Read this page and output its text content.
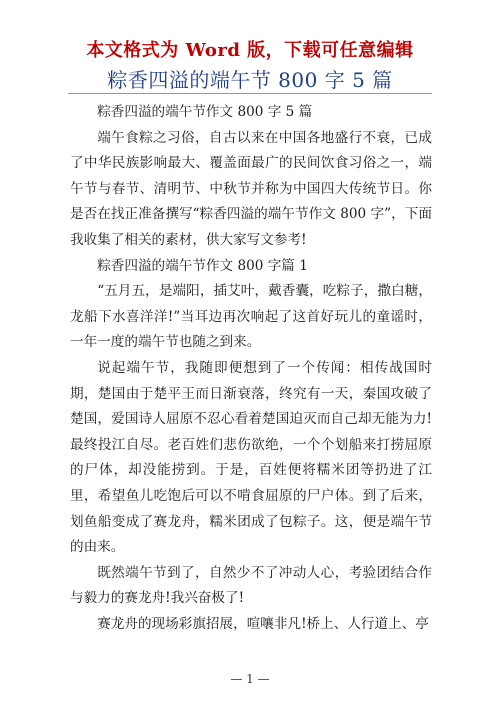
本文格式为 Word 版，下载可任意编辑
粽香四溢的端午节 800 字 5 篇

粽香四溢的端午节作文 800 字 5 篇

端午食粽之习俗，自古以来在中国各地盛行不衰，已成了中华民族影响最大、覆盖面最广的民间饮食习俗之一，端午节与春节、清明节、中秋节并称为中国四大传统节日。你是否在找正准备撰写“粽香四溢的端午节作文 800 字”，下面我收集了相关的素材，供大家写文参考!

粽香四溢的端午节作文 800 字篇 1

“五月五，是端阳，插艾叶，戴香囊，吃粽子，撒白糖，龙船下水喜洋洋!”当耳边再次响起了这首好玩儿的童谣时，一年一度的端午节也随之到来。

说起端午节，我随即便想到了一个传闻：相传战国时期，楚国由于楚平王而日渐衰落，终究有一天，秦国攻破了楚国，爱国诗人屈原不忍心看着楚国迫灭而自己却无能为力!最终投江自尽。老百姓们悲伤欲绝，一个个划船来打捞屈原的尸体，却没能捞到。于是，百姓便将糯米团等扔进了江里，希望鱼儿吃饱后可以不啃食屈原的尸户体。到了后来，划鱼船变成了赛龙舟，糯米团成了包粽子。这，便是端午节的由来。

既然端午节到了，自然少不了冲动人心，考验团结合作与毅力的赛龙舟!我兴奋极了!

赛龙舟的现场彩旗招展，喧嚷非凡!桥上、人行道上、亭

— 1 —
